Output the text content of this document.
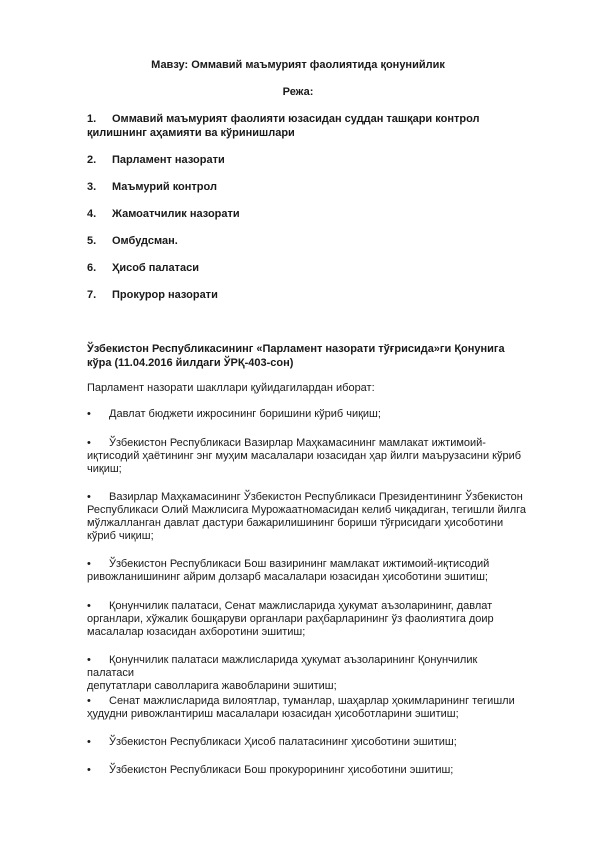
Мавзу: Оммавий маъмурият фаолиятида қонунийлик
Режа:
1. Оммавий маъмурият фаолияти юзасидан суддан ташқари контрол
қилишнинг аҳамияти ва кўринишлари
2. Парламент назорати
3. Маъмурий контрол
4. Жамоатчилик назорати
5. Омбудсман.
6. Ҳисоб палатаси
7. Прокурор назорати
Ўзбекистон Республикасининг «Парламент назорати тўғрисида»ги Қонунига
кўра (11.04.2016 йилдаги ЎРҚ-403-сон)
Парламент назорати шакллари қуйидагилардан иборат:
• Давлат бюджети ижросининг боришини кўриб чиқиш;
• Ўзбекистон Республикаси Вазирлар Маҳкамасининг мамлакат ижтимоий-
иқтисодий ҳаётининг энг муҳим масалалари юзасидан ҳар йилги маърузасини кўриб
чиқиш;
• Вазирлар Маҳкамасининг Ўзбекистон Республикаси Президентининг Ўзбекистон
Республикаси Олий Мажлисига Мурожаатномасидан келиб чиқадиган, тегишли йилга
мўлжалланган давлат дастури бажарилишининг бориши тўғрисидаги ҳисоботини
кўриб чиқиш;
• Ўзбекистон Республикаси Бош вазирининг мамлакат ижтимоий-иқтисодий
ривожланишининг айрим долзарб масалалари юзасидан ҳисоботини эшитиш;
• Қонунчилик палатаси, Сенат мажлисларида ҳукумат аъзоларининг, давлат
органлари, хўжалик бошқаруви органлари раҳбарларининг ўз фаолиятига доир
масалалар юзасидан ахборотини эшитиш;
• Қонунчилик палатаси мажлисларида ҳукумат аъзоларининг Қонунчилик палатаси
депутатлари саволларига жавобларини эшитиш;
• Сенат мажлисларида вилоятлар, туманлар, шаҳарлар ҳокимларининг тегишли
ҳудудни ривожлантириш масалалари юзасидан ҳисоботларини эшитиш;
• Ўзбекистон Республикаси Ҳисоб палатасининг ҳисоботини эшитиш;
• Ўзбекистон Республикаси Бош прокурорининг ҳисоботини эшитиш;
